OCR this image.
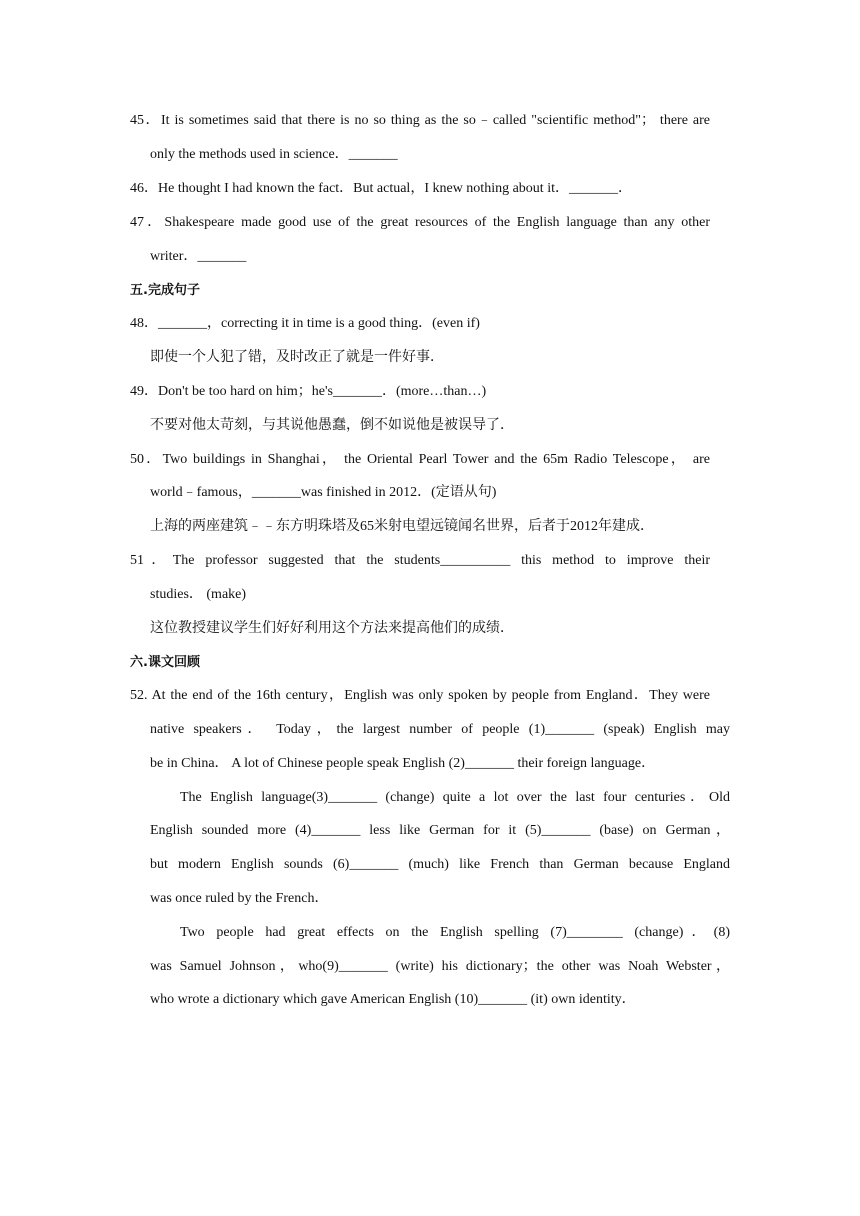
45．It is sometimes said that there is no so thing as the so﹣called "scientific method"； there are
only the methods used in science．_______
46．He thought I had known the fact．But actual，I knew nothing about it．_______．
47．Shakespeare made good use of the great resources of the English language than any other
writer．_______
五.完成句子
48．_______，correcting it in time is a good thing．(even if)
即使一个人犯了错，及时改正了就是一件好事．
49．Don't be too hard on him；he's_______．(more…than…)
不要对他太苛刻，与其说他愚蠢，倒不如说他是被误导了．
50．Two buildings in Shanghai， the Oriental Pearl Tower and the 65m Radio Telescope， are
world﹣famous，_______was finished in 2012．(定语从句)
上海的两座建筑﹣﹣东方明珠塔及65米射电望远镜闻名世界，后者于2012年建成．
51．The professor suggested that the students__________ this method to improve their
studies． (make)
这位教授建议学生们好好利用这个方法来提高他们的成绩．
六.课文回顾
52. At the end of the 16th century，English was only spoken by people from England．They were
native speakers． Today，the largest number of people (1)_______ (speak) English may
be in China． A lot of Chinese people speak English (2)_______ their foreign language．
The English language(3)_______ (change) quite a lot over the last four centuries．Old
English sounded more (4)_______ less like German for it (5)_______ (base) on German，
but modern English sounds (6)_______ (much) like French than German because England
was once ruled by the French．
Two people had great effects on the English spelling (7)________ (change)．(8)
was Samuel Johnson，who(9)_______ (write) his dictionary；the other was Noah Webster，
who wrote a dictionary which gave American English (10)_______ (it) own identity．
